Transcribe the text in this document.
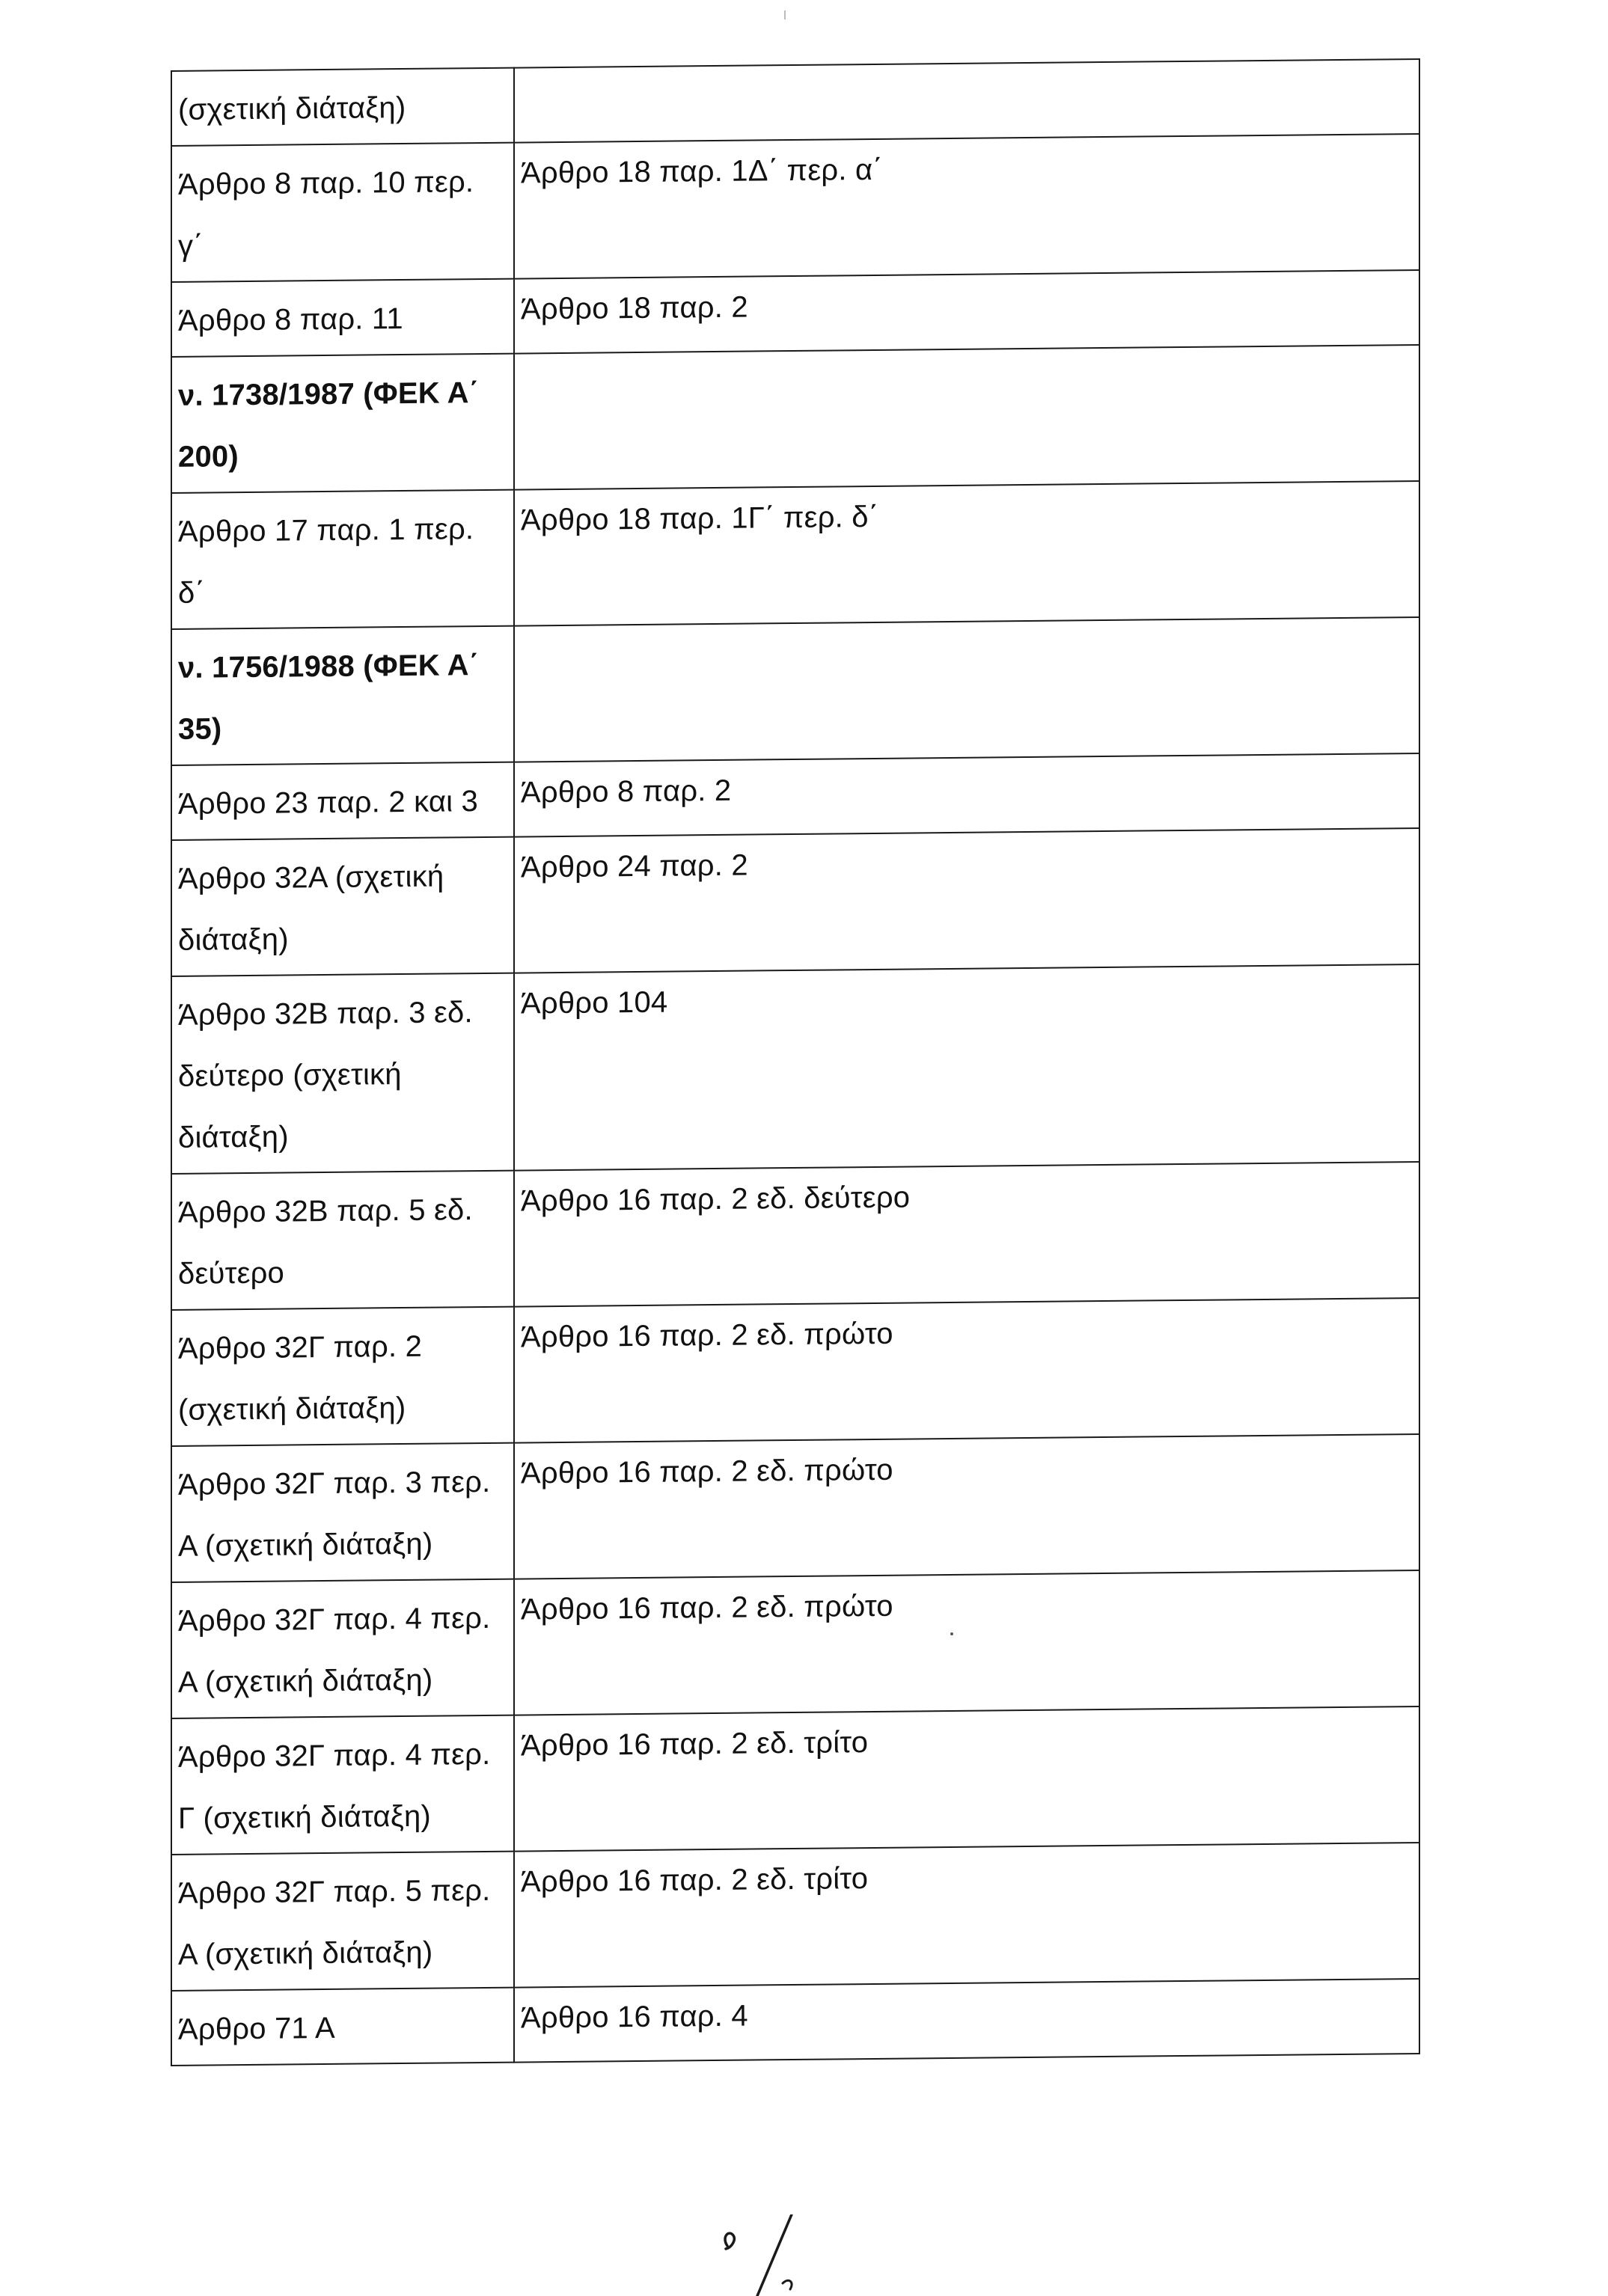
(σχετική διάταξη)	
Άρθρο 8 παρ. 10 περ. γ΄	Άρθρο 18 παρ. 1Δ΄ περ. α΄
Άρθρο 8 παρ. 11	Άρθρο 18 παρ. 2
ν. 1738/1987 (ΦΕΚ Α΄ 200)	
Άρθρο 17 παρ. 1 περ. δ΄	Άρθρο 18 παρ. 1Γ΄ περ. δ΄
ν. 1756/1988 (ΦΕΚ Α΄ 35)	
Άρθρο 23 παρ. 2 και 3	Άρθρο 8 παρ. 2
Άρθρο 32Α (σχετική διάταξη)	Άρθρο 24 παρ. 2
Άρθρο 32Β παρ. 3 εδ. δεύτερο (σχετική διάταξη)	Άρθρο 104
Άρθρο 32Β παρ. 5 εδ. δεύτερο	Άρθρο 16 παρ. 2 εδ. δεύτερο
Άρθρο 32Γ παρ. 2 (σχετική διάταξη)	Άρθρο 16 παρ. 2 εδ. πρώτο
Άρθρο 32Γ παρ. 3 περ. Α (σχετική διάταξη)	Άρθρο 16 παρ. 2 εδ. πρώτο
Άρθρο 32Γ παρ. 4 περ. Α (σχετική διάταξη)	Άρθρο 16 παρ. 2 εδ. πρώτο
Άρθρο 32Γ παρ. 4 περ. Γ (σχετική διάταξη)	Άρθρο 16 παρ. 2 εδ. τρίτο
Άρθρο 32Γ παρ. 5 περ. Α (σχετική διάταξη)	Άρθρο 16 παρ. 2 εδ. τρίτο
Άρθρο 71 Α	Άρθρο 16 παρ. 4
